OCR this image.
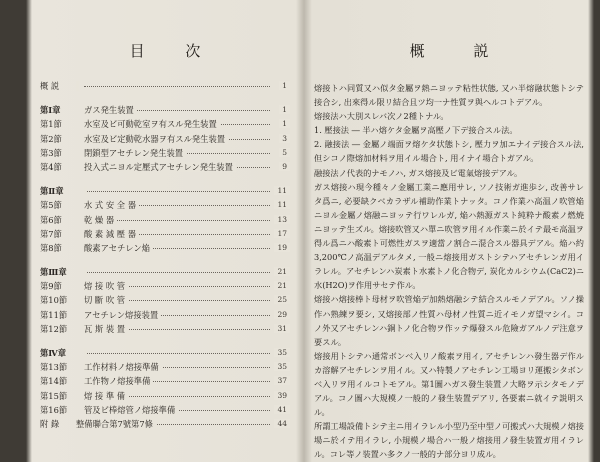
目 次
概 説	1
第Ⅰ章	ガス発生装置	1
第1節	水室及ビ可動乾室ヲ有スル発生装置	1
第2節	水室及ビ定動乾水器ヲ有スル発生装置	3
第3節	閉鎖型アセチレン発生装置	5
第4節	投入式ニヨル定壓式アセチレン発生装置	9
第Ⅱ章	11
第5節	水 式 安 全 器	11
第6節	乾 燥 器	13
第7節	酸 素 減 壓 器	17
第8節	酸素アセチレン焔	19
第Ⅲ章	21
第9節	熔 接 吹 管	21
第10節 切 斷 吹 管	25
第11節 アセチレン熔接装置	29
第12節 瓦 斯 裝 置	31
第Ⅳ章	35
第13節 工作材料ノ熔接準備	35
第14節 工作物ノ熔接準備	37
第15節 熔 接 準 備	39
第16節 管及ビ棒熔管ノ熔接準備	41
附 錄 整備聯合第7號第7條	44
概 説

熔接トハ同質又ハ似タ金屬ヲ熱ニヨッテ粘性状態, 又ハ半熔融状態トシテ接合シ, 出來得ル限リ結合且ツ均一ナ性質ヲ與ヘルコトデアル。

熔接法ハ大別スレバ次ノ2種トナル。

1. 壓接法 ― 半ハ熔ケタ金屬ヲ高壓ノ下デ接合スル法。

2. 融接法 ― 金屬ノ端面ヲ熔ケタ状態トシ, 壓力ヲ加エナイデ接合スル法, 但シコノ際熔加材料ヲ用イル場合ト, 用イナイ場合トガアル。

融接法ノ代表的ナモノハ, ガス熔接及ビ電氣熔接デアル。

ガス熔接ハ現今種々ノ金屬工業ニ應用サレ, ソノ技術ガ進歩シ, 改善サレタ爲ニ, 必要缺クベカラザル補助作業トナッタ。コノ作業ハ高温ノ吹管焔ニヨル金屬ノ熔融ニヨッテ行ワレルガ, 焔ハ熱源ガスト純粋ナ酸素ノ燃焼ニヨッテ生ズル。熔接吹管又ハ單ニ吹管ヲ用イル作業ニ於イテ最モ高温ヲ得ル爲ニハ酸素ト可燃性ガスヲ適當ノ割合ニ混合スル器具デアル。焔ハ約3,200℃ノ高温デアルタメ, 一般ニ熔接用ガストシテハアセチレンガ用イラレル。アセチレンハ炭素ト水素トノ化合物デ, 炭化カルシウム(CaC2)ニ水(H2O)ヲ作用サセテ作ル。

熔接ハ熔接棒ト母材ヲ吹管焔デ加熱熔融シテ結合スルモノデアル。ソノ操作ハ熟練ヲ要シ, 又熔接部ノ性質ハ母材ノ性質ニ近イモノガ望マシイ。コノ外又アセチレンハ銅トノ化合物ヲ作ッテ爆發スル危險ガアルノデ注意ヲ要スル。

熔接用トシテハ通常ボンベ入リノ酸素ヲ用イ, アセチレンハ發生器デ作ルカ溶解アセチレンヲ用イル。又ハ特製ノアセチレン工場ヨリ運搬シタボンベ入リヲ用イルコトモアル。第1圖ハガス發生装置ノ大略ヲ示シタモノデアル。コノ圖ハ大規模ノ一般的ノ發生装置デアリ, 各要素ニ就イテ説明スル。

所謂工場設備トシテ主ニ用イラレル小型乃至中型ノ可搬式ハ大規模ノ熔接場ニ於イテ用イラレ, 小規模ノ場合ハ一般ノ熔接用ノ發生装置ガ用イラレル。コレ等ノ装置ハ多クノ一般的ナ部分ヨリ成ル。
